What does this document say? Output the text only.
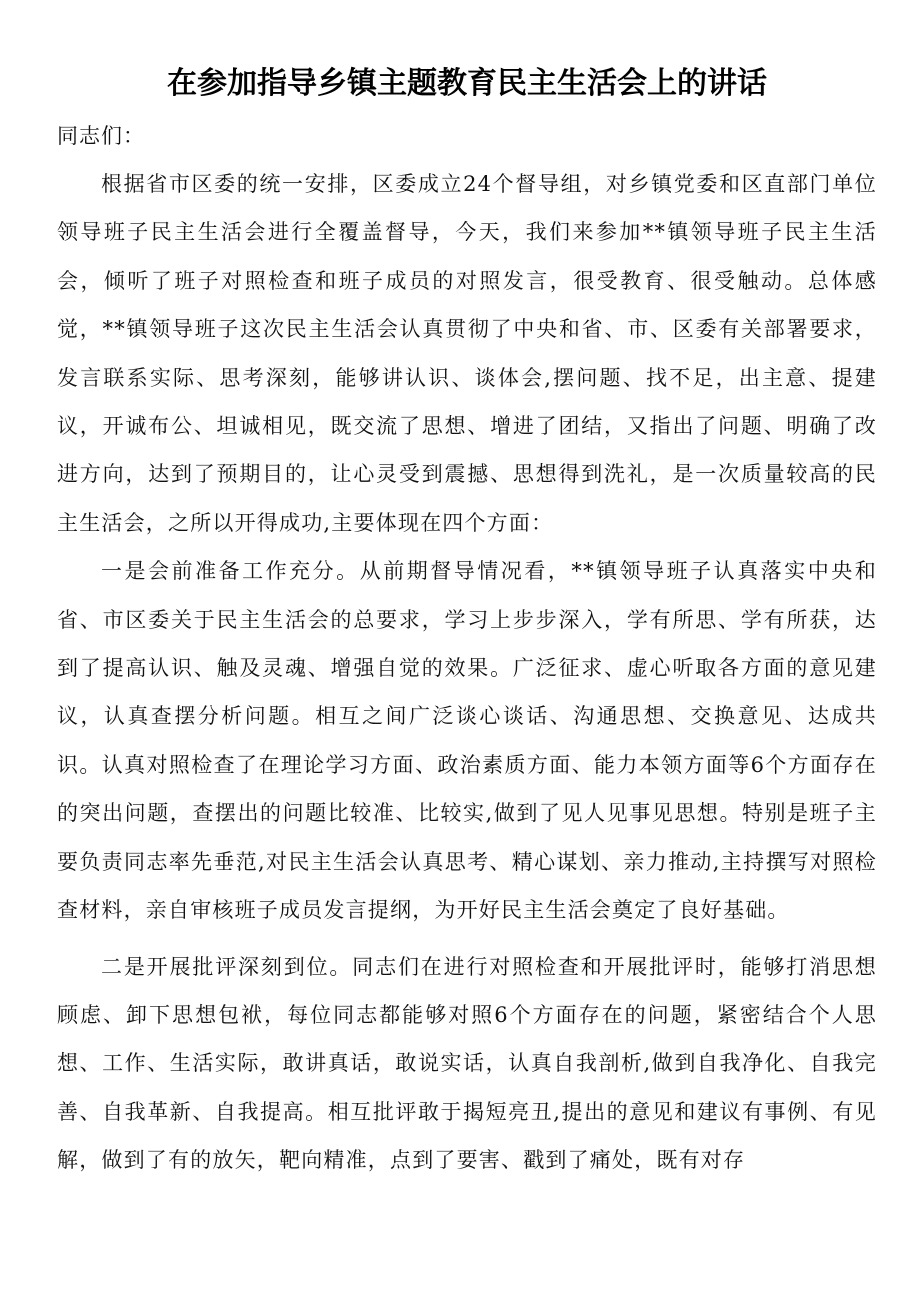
在参加指导乡镇主题教育民主生活会上的讲话

同志们：

根据省市区委的统一安排，区委成立24个督导组，对乡镇党委和区直部门单位领导班子民主生活会进行全覆盖督导，今天，我们来参加**镇领导班子民主生活会，倾听了班子对照检查和班子成员的对照发言，很受教育、很受触动。总体感觉，**镇领导班子这次民主生活会认真贯彻了中央和省、市、区委有关部署要求，发言联系实际、思考深刻，能够讲认识、谈体会,摆问题、找不足，出主意、提建议，开诚布公、坦诚相见，既交流了思想、增进了团结，又指出了问题、明确了改进方向，达到了预期目的，让心灵受到震撼、思想得到洗礼，是一次质量较高的民主生活会，之所以开得成功,主要体现在四个方面：

一是会前准备工作充分。从前期督导情况看，**镇领导班子认真落实中央和省、市区委关于民主生活会的总要求，学习上步步深入，学有所思、学有所获，达到了提高认识、触及灵魂、增强自觉的效果。广泛征求、虚心听取各方面的意见建议，认真查摆分析问题。相互之间广泛谈心谈话、沟通思想、交换意见、达成共识。认真对照检查了在理论学习方面、政治素质方面、能力本领方面等6个方面存在的突出问题，查摆出的问题比较准、比较实,做到了见人见事见思想。特别是班子主要负责同志率先垂范,对民主生活会认真思考、精心谋划、亲力推动,主持撰写对照检查材料，亲自审核班子成员发言提纲，为开好民主生活会奠定了良好基础。

二是开展批评深刻到位。同志们在进行对照检查和开展批评时，能够打消思想顾虑、卸下思想包袱，每位同志都能够对照6个方面存在的问题，紧密结合个人思想、工作、生活实际，敢讲真话，敢说实话，认真自我剖析,做到自我净化、自我完善、自我革新、自我提高。相互批评敢于揭短亮丑,提出的意见和建议有事例、有见解，做到了有的放矢，靶向精准，点到了要害、戳到了痛处，既有对存
